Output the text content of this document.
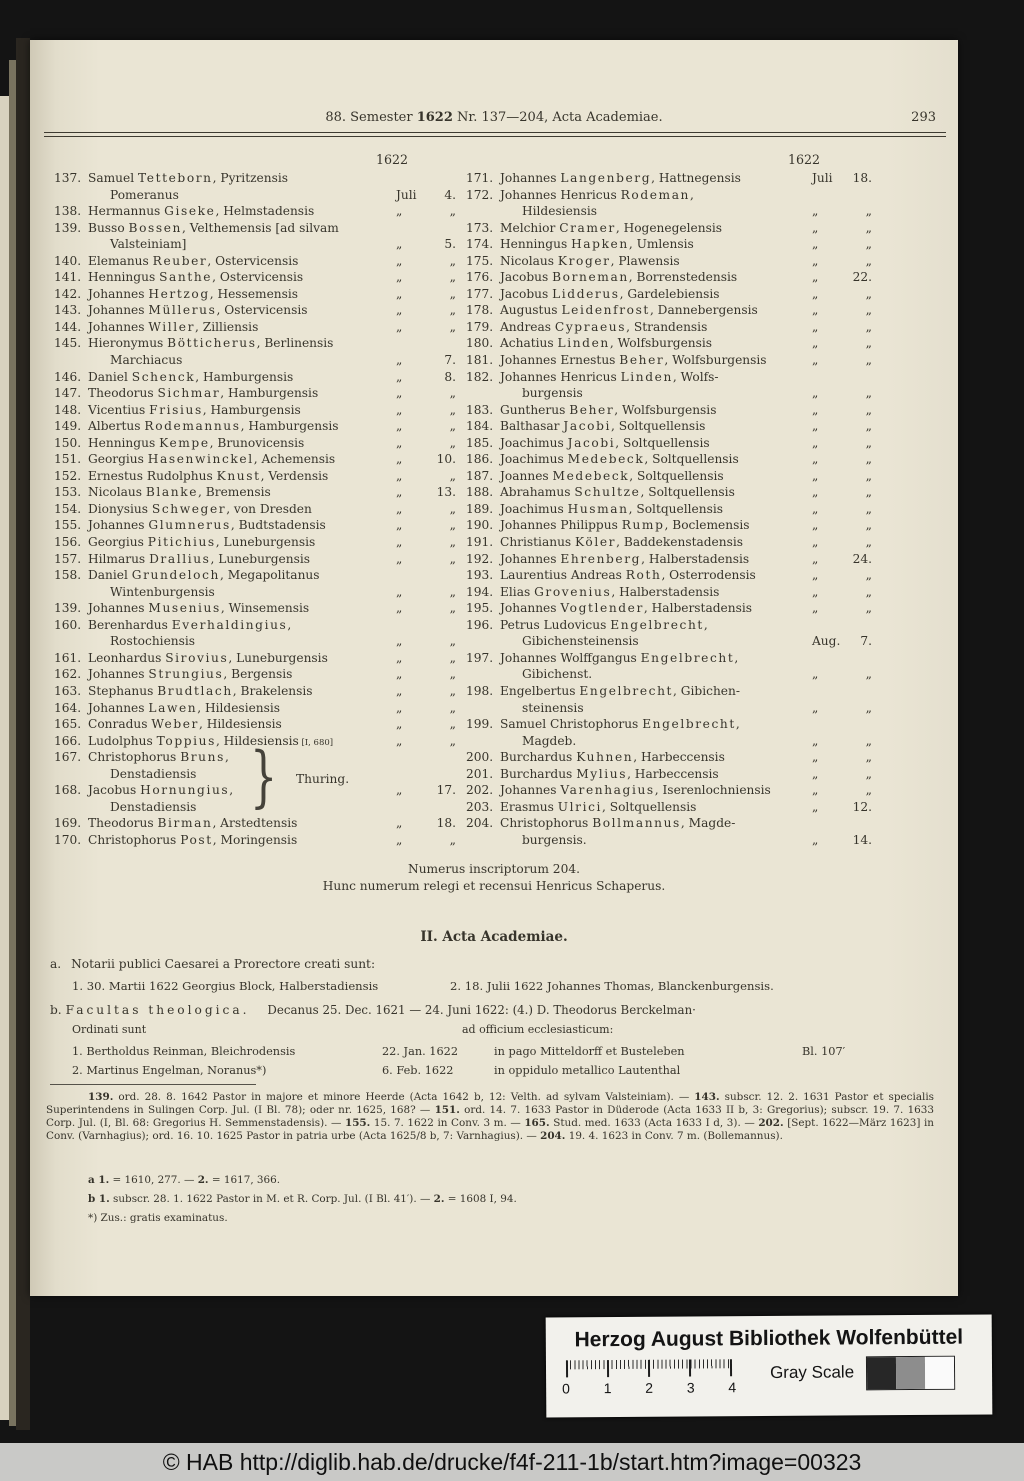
88. Semester 1622 Nr. 137—204, Acta Academiae.	293
1622	1622
} Thuring.
137. Samuel Tetteborn, Pyritzensis
Pomeranus	Juli	4.
138. Hermannus Giseke, Helmstadensis	„	„
139. Busso Bossen, Velthemensis [ad silvam
Valsteiniam]	„	5.
140. Elemanus Reuber, Ostervicensis	„	„
141. Henningus Santhe, Ostervicensis	„	„
142. Johannes Hertzog, Hessemensis	„	„
143. Johannes Müllerus, Ostervicensis	„	„
144. Johannes Willer, Zilliensis	„	„
145. Hieronymus Bötticherus, Berlinensis
Marchiacus	„	7.
146. Daniel Schenck, Hamburgensis	„	8.
147. Theodorus Sichmar, Hamburgensis	„	„
148. Vicentius Frisius, Hamburgensis	„	„
149. Albertus Rodemannus, Hamburgensis	„	„
150. Henningus Kempe, Brunovicensis	„	„
151. Georgius Hasenwinckel, Achemensis	„	10.
152. Ernestus Rudolphus Knust, Verdensis	„	„
153. Nicolaus Blanke, Bremensis	„	13.
154. Dionysius Schweger, von Dresden	„	„
155. Johannes Glumnerus, Budtstadensis	„	„
156. Georgius Pitichius, Luneburgensis	„	„
157. Hilmarus Drallius, Luneburgensis	„	„
158. Daniel Grundeloch, Megapolitanus
Wintenburgensis	„	„
139. Johannes Musenius, Winsemensis	„	„
160. Berenhardus Everhaldingius,
Rostochiensis	„	„
161. Leonhardus Sirovius, Luneburgensis	„	„
162. Johannes Strungius, Bergensis	„	„
163. Stephanus Brudtlach, Brakelensis	„	„
164. Johannes Lawen, Hildesiensis	„	„
165. Conradus Weber, Hildesiensis	„	„
166. Ludolphus Toppius, Hildesiensis [I, 680]	„	„
167. Christophorus Bruns,
Denstadiensis
168. Jacobus Hornungius,	„	17.
Denstadiensis
169. Theodorus Birman, Arstedtensis	„	18.
170. Christophorus Post, Moringensis	„	„
171. Johannes Langenberg, Hattnegensis	Juli	18.
172. Johannes Henricus Rodeman,
Hildesiensis	„	„
173. Melchior Cramer, Hogenegelensis	„	„
174. Henningus Hapken, Umlensis	„	„
175. Nicolaus Kroger, Plawensis	„	„
176. Jacobus Borneman, Borrenstedensis	„	22.
177. Jacobus Lidderus, Gardelebiensis	„	„
178. Augustus Leidenfrost, Dannebergensis	„	„
179. Andreas Cypraeus, Strandensis	„	„
180. Achatius Linden, Wolfsburgensis	„	„
181. Johannes Ernestus Beher, Wolfsburgensis	„	„
182. Johannes Henricus Linden, Wolfs-
burgensis	„	„
183. Guntherus Beher, Wolfsburgensis	„	„
184. Balthasar Jacobi, Soltquellensis	„	„
185. Joachimus Jacobi, Soltquellensis	„	„
186. Joachimus Medebeck, Soltquellensis	„	„
187. Joannes Medebeck, Soltquellensis	„	„
188. Abrahamus Schultze, Soltquellensis	„	„
189. Joachimus Husman, Soltquellensis	„	„
190. Johannes Philippus Rump, Boclemensis	„	„
191. Christianus Köler, Baddekenstadensis	„	„
192. Johannes Ehrenberg, Halberstadensis	„	24.
193. Laurentius Andreas Roth, Osterrodensis	„	„
194. Elias Grovenius, Halberstadensis	„	„
195. Johannes Vogtlender, Halberstadensis	„	„
196. Petrus Ludovicus Engelbrecht,
Gibichensteinensis	Aug.	7.
197. Johannes Wolffgangus Engelbrecht,
Gibichenst.	„	„
198. Engelbertus Engelbrecht, Gibichen-
steinensis	„	„
199. Samuel Christophorus Engelbrecht,
Magdeb.	„	„
200. Burchardus Kuhnen, Harbeccensis	„	„
201. Burchardus Mylius, Harbeccensis	„	„
202. Johannes Varenhagius, Iserenlochniensis	„	„
203. Erasmus Ulrici, Soltquellensis	„	12.
204. Christophorus Bollmannus, Magde-
burgensis.	„	14.
Numerus inscriptorum 204.
Hunc numerum relegi et recensui Henricus Schaperus.
II. Acta Academiae.
a. Notarii publici Caesarei a Prorectore creati sunt:
1. 30. Martii 1622 Georgius Block, Halberstadiensis	2. 18. Julii 1622 Johannes Thomas, Blanckenburgensis.
b. Facultas theologica. Decanus 25. Dec. 1621 — 24. Juni 1622: (4.) D. Theodorus Berckelman·
Ordinati sunt	ad officium ecclesiasticum:
1. Bertholdus Reinman, Bleichrodensis	22. Jan. 1622	in pago Mitteldorff et Busteleben	Bl. 107′
2. Martinus Engelman, Noranus*)	6. Feb. 1622	in oppidulo metallico Lautenthal
139. ord. 28. 8. 1642 Pastor in majore et minore Heerde (Acta 1642 b, 12: Velth. ad sylvam Valsteiniam). — 143. subscr. 12. 2. 1631 Pastor et specialis Superintendens in Sulingen Corp. Jul. (I Bl. 78); oder nr. 1625, 168? — 151. ord. 14. 7. 1633 Pastor in Düderode (Acta 1633 II b, 3: Gregorius); subscr. 19. 7. 1633 Corp. Jul. (I, Bl. 68: Gregorius H. Semmenstadensis). — 155. 15. 7. 1622 in Conv. 3 m. — 165. Stud. med. 1633 (Acta 1633 I d, 3). — 202. [Sept. 1622—März 1623] in Conv. (Varnhagius); ord. 16. 10. 1625 Pastor in patria urbe (Acta 1625/8 b, 7: Varnhagius). — 204. 19. 4. 1623 in Conv. 7 m. (Bollemannus).
a 1. = 1610, 277. — 2. = 1617, 366.
b 1. subscr. 28. 1. 1622 Pastor in M. et R. Corp. Jul. (I Bl. 41′). — 2. = 1608 I, 94.
*) Zus.: gratis examinatus.
Herzog August Bibliothek Wolfenbüttel
0 1 2 3 4
Gray Scale
© HAB http://diglib.hab.de/drucke/f4f-211-1b/start.htm?image=00323
